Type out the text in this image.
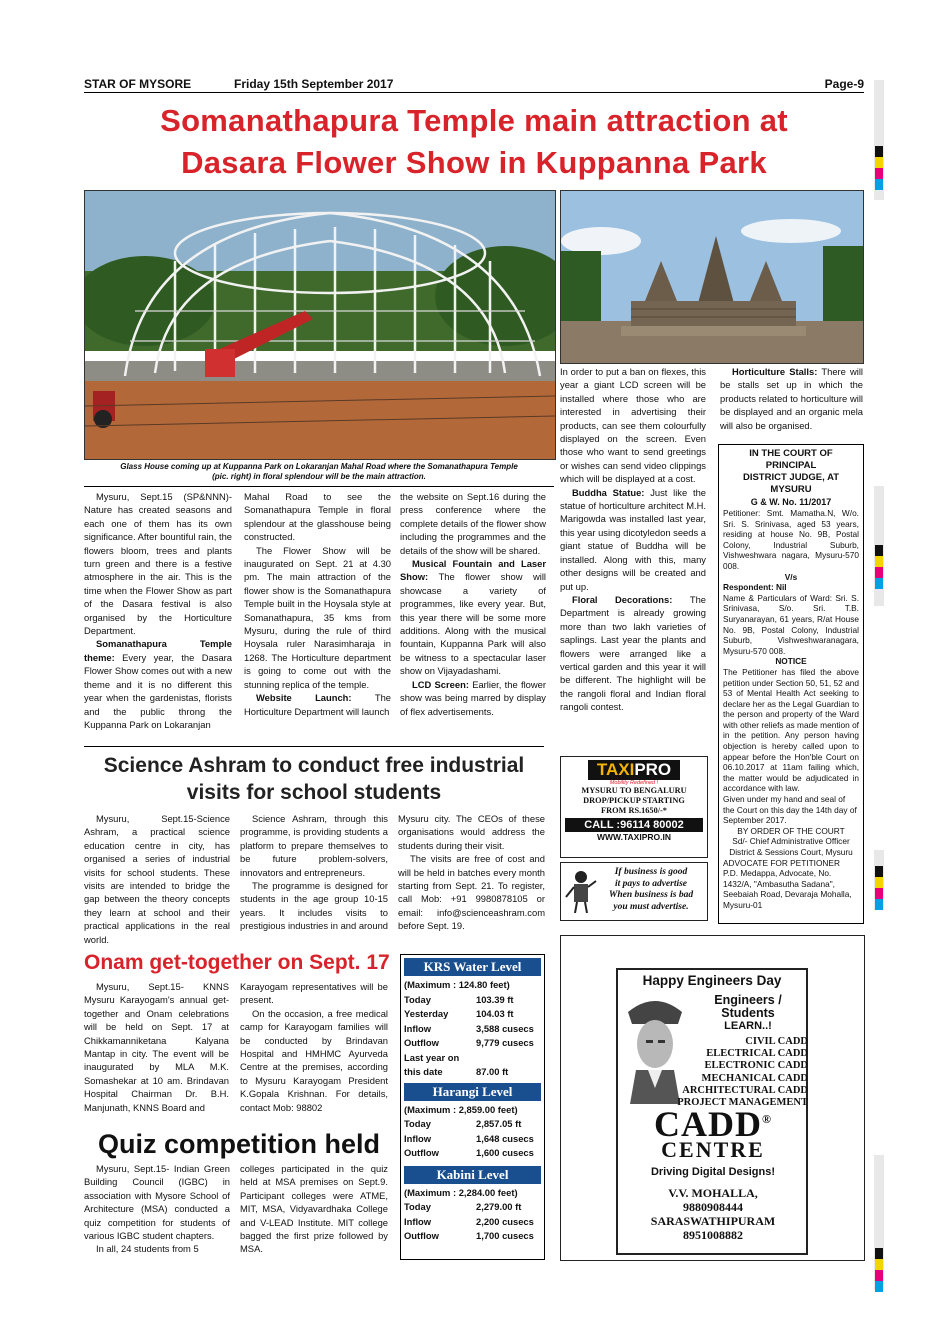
STAR OF MYSORE	Friday 15th September 2017	Page-9
Somanathapura Temple main attraction at
Dasara Flower Show in Kuppanna Park
Glass House coming up at Kuppanna Park on Lokaranjan Mahal Road where the Somanathapura Temple
(pic. right) in floral splendour will be the main attraction.

Mysuru, Sept.15 (SP&NNN)-Nature has created seasons and each one of them has its own significance. After bountiful rain, the flowers bloom, trees and plants turn green and there is a festive atmosphere in the air. This is the time when the Flower Show as part of the Dasara festival is also organised by the Horticulture Department.

Somanathapura Temple theme: Every year, the Dasara Flower Show comes out with a new theme and it is no different this year when the gardenistas, florists and the public throng the Kuppanna Park on Lokaranjan

Mahal Road to see the Somanathapura Temple in floral splendour at the glasshouse being constructed.

The Flower Show will be inaugurated on Sept. 21 at 4.30 pm. The main attraction of the flower show is the Somanathapura Temple built in the Hoysala style at Somanathapura, 35 kms from Mysuru, during the rule of third Hoysala ruler Narasimharaja in 1268. The Horticulture department is going to come out with the stunning replica of the temple.

Website Launch: The Horticulture Department will launch

the website on Sept.16 during the press conference where the complete details of the flower show including the programmes and the details of the show will be shared.

Musical Fountain and Laser Show: The flower show will showcase a variety of programmes, like every year. But, this year there will be some more additions. Along with the musical fountain, Kuppanna Park will also be witness to a spectacular laser show on Vijayadashami.

LCD Screen: Earlier, the flower show was being marred by display of flex advertisements.

In order to put a ban on flexes, this year a giant LCD screen will be installed where those who are interested in advertising their products, can see them colourfully displayed on the screen. Even those who want to send greetings or wishes can send video clippings which will be displayed at a cost.

Buddha Statue: Just like the statue of horticulture architect M.H. Marigowda was installed last year, this year using dicotyledon seeds a giant statue of Buddha will be installed. Along with this, many other designs will be created and put up.

Floral Decorations: The Department is already growing more than two lakh varieties of saplings. Last year the plants and flowers were arranged like a vertical garden and this year it will be different. The highlight will be the rangoli floral and Indian floral rangoli contest.

Horticulture Stalls: There will be stalls set up in which the products related to horticulture will be displayed and an organic mela will also be organised.

Science Ashram to conduct free industrial
visits for school students

Mysuru, Sept.15-Science Ashram, a practical science education centre in city, has organised a series of industrial visits for school students. These visits are intended to bridge the gap between the theory concepts they learn at school and their practical applications in the real world.

Science Ashram, through this programme, is providing students a platform to prepare themselves to be future problem-solvers, innovators and entrepreneurs.

The programme is designed for students in the age group 10-15 years. It includes visits to prestigious industries in and around

Mysuru city. The CEOs of these organisations would address the students during their visit.

The visits are free of cost and will be held in batches every month starting from Sept. 21. To register, call Mob: +91 9980878105 or email: info@scienceashram.com before Sept. 19.

Onam get-together on Sept. 17

Mysuru, Sept.15- KNNS Mysuru Karayogam's annual get-together and Onam celebrations will be held on Sept. 17 at Chikkamanniketana Kalyana Mantap in city. The event will be inaugurated by MLA M.K. Somashekar at 10 am. Brindavan Hospital Chairman Dr. B.H. Manjunath, KNNS Board and

Karayogam representatives will be present.

On the occasion, a free medical camp for Karayogam families will be conducted by Brindavan Hospital and HMHMC Ayurveda Centre at the premises, according to Mysuru Karayogam President K.Gopala Krishnan. For details, contact Mob: 98802

Quiz competition held

Mysuru, Sept.15- Indian Green Building Council (IGBC) in association with Mysore School of Architecture (MSA) conducted a quiz competition for students of various IGBC student chapters.

In all, 24 students from 5

colleges participated in the quiz held at MSA premises on Sept.9. Participant colleges were ATME, MIT, MSA, Vidyavardhaka College and V-LEAD Institute. MIT college bagged the first prize followed by MSA.

KRS Water Level
(Maximum : 124.80 feet)
Today	103.39 ft
Yesterday	104.03 ft
Inflow	3,588 cusecs
Outflow	9,779 cusecs
Last year on
this date	87.00 ft
Harangi Level
(Maximum : 2,859.00 feet)
Today	2,857.05 ft
Inflow	1,648 cusecs
Outflow	1,600 cusecs
Kabini Level
(Maximum : 2,284.00 feet)
Today	2,279.00 ft
Inflow	2,200 cusecs
Outflow	1,700 cusecs
TAXIPRO
Mobility Redefined !
MYSURU TO BENGALURU
DROP/PICKUP STARTING
FROM RS.1650/-*
CALL :96114 80002
WWW.TAXIPRO.IN
If business is good
it pays to advertise
When business is bad
you must advertise.
IN THE COURT OF PRINCIPAL
DISTRICT JUDGE, AT MYSURU
G & W. No. 11/2017

Petitioner: Smt. Mamatha.N, W/o. Sri. S. Srinivasa, aged 53 years, residing at house No. 9B, Postal Colony, Industrial Suburb, Vishweshwara nagara, Mysuru-570 008.

V/s

Respondent: Nil

Name & Particulars of Ward: Sri. S. Srinivasa, S/o. Sri. T.B. Suryanarayan, 61 years, R/at House No. 9B, Postal Colony, Industrial Suburb, Vishweshwaranagara, Mysuru-570 008.

NOTICE

The Petitioner has filed the above petition under Section 50, 51, 52 and 53 of Mental Health Act seeking to declare her as the Legal Guardian to the person and property of the Ward with other reliefs as made mention of in the petition. Any person having objection is hereby called upon to appear before the Hon'ble Court on 06.10.2017 at 11am failing which, the matter would be adjudicated in accordance with law.

Given under my hand and seal of the Court on this day the 14th day of September 2017.

BY ORDER OF THE COURT

Sd/- Chief Administrative Officer

District & Sessions Court, Mysuru

ADVOCATE FOR PETITIONER

P.D. Medappa, Advocate, No. 1432/A, "Ambasutha Sadana", Seebaiah Road, Devaraja Mohalla, Mysuru-01

Happy Engineers Day
Engineers /
Students
LEARN..!
CIVIL CADD
ELECTRICAL CADD
ELECTRONIC CADD
MECHANICAL CADD
ARCHITECTURAL CADD
PROJECT MANAGEMENT
CADD®
CENTRE
Driving Digital Designs!
V.V. MOHALLA,
9880908444
SARASWATHIPURAM
8951008882
